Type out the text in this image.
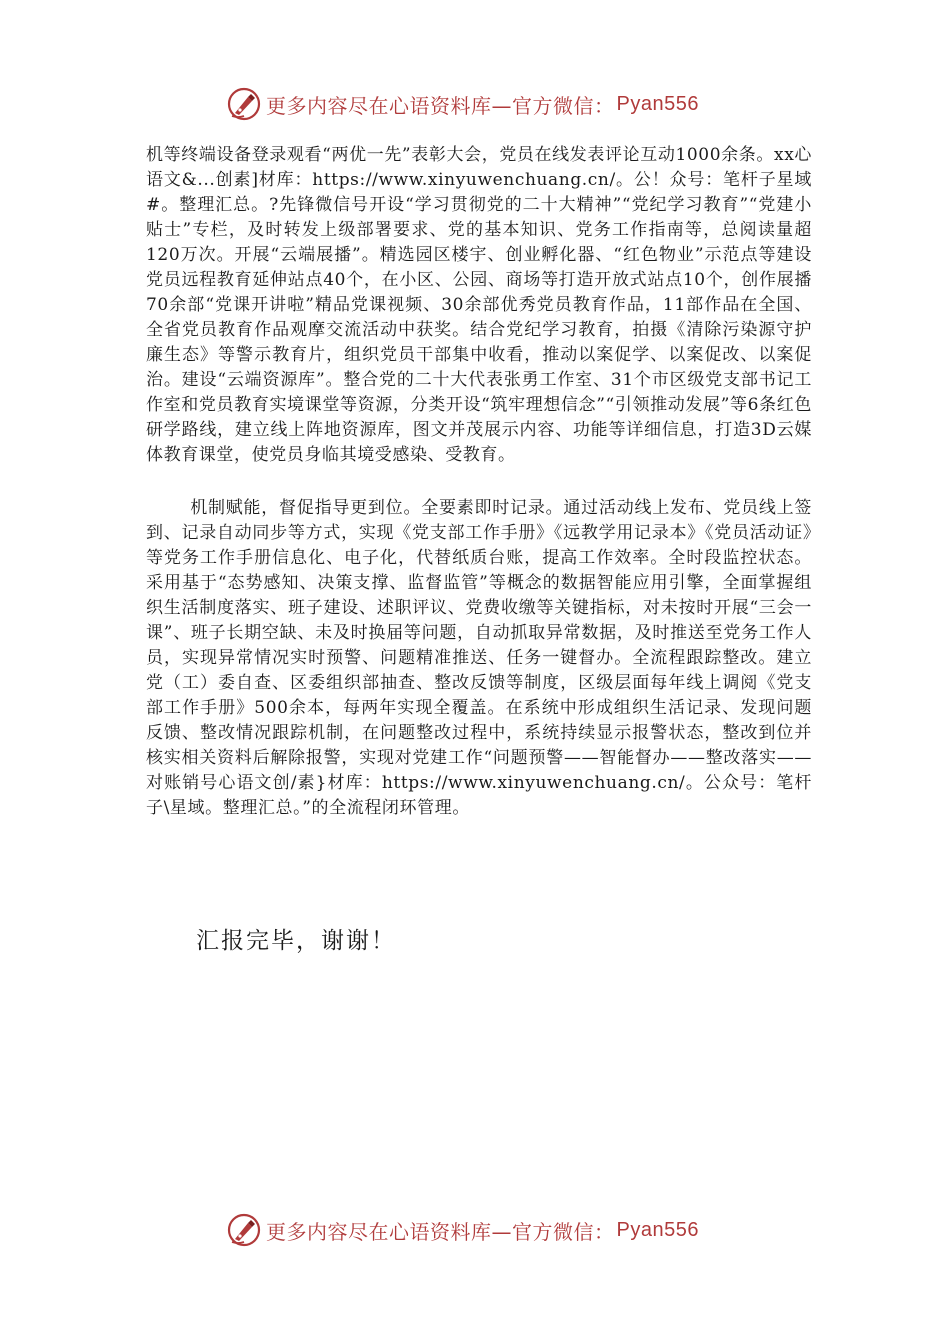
更多内容尽在心语资料库—官方微信： Pyan556

机等终端设备登录观看“两优一先”表彰大会，党员在线发表评论互动1000余条。xx心语文&...创素]材库：https://www.xinyuwenchuang.cn/。公！众号：笔杆子星域#。整理汇总。?先锋微信号开设“学习贯彻党的二十大精神”“党纪学习教育”“党建小贴士”专栏，及时转发上级部署要求、党的基本知识、党务工作指南等，总阅读量超120万次。开展“云端展播”。精选园区楼宇、创业孵化器、“红色物业”示范点等建设党员远程教育延伸站点40个，在小区、公园、商场等打造开放式站点10个，创作展播70余部“党课开讲啦”精品党课视频、30余部优秀党员教育作品，11部作品在全国、全省党员教育作品观摩交流活动中获奖。结合党纪学习教育，拍摄《清除污染源守护廉生态》等警示教育片，组织党员干部集中收看，推动以案促学、以案促改、以案促治。建设“云端资源库”。整合党的二十大代表张勇工作室、31个市区级党支部书记工作室和党员教育实境课堂等资源，分类开设“筑牢理想信念”“引领推动发展”等6条红色研学路线，建立线上阵地资源库，图文并茂展示内容、功能等详细信息，打造3D云媒体教育课堂，使党员身临其境受感染、受教育。

机制赋能，督促指导更到位。全要素即时记录。通过活动线上发布、党员线上签到、记录自动同步等方式，实现《党支部工作手册》《远教学用记录本》《党员活动证》等党务工作手册信息化、电子化，代替纸质台账，提高工作效率。全时段监控状态。采用基于“态势感知、决策支撑、监督监管”等概念的数据智能应用引擎，全面掌握组织生活制度落实、班子建设、述职评议、党费收缴等关键指标，对未按时开展“三会一课”、班子长期空缺、未及时换届等问题，自动抓取异常数据，及时推送至党务工作人员，实现异常情况实时预警、问题精准推送、任务一键督办。全流程跟踪整改。建立党（工）委自查、区委组织部抽查、整改反馈等制度，区级层面每年线上调阅《党支部工作手册》500余本，每两年实现全覆盖。在系统中形成组织生活记录、发现问题反馈、整改情况跟踪机制，在问题整改过程中，系统持续显示报警状态，整改到位并核实相关资料后解除报警，实现对党建工作“问题预警——智能督办——整改落实——对账销号心语文创/素}材库：https://www.xinyuwenchuang.cn/。公众号：笔杆子\星域。整理汇总。”的全流程闭环管理。

汇报完毕，谢谢！
更多内容尽在心语资料库—官方微信： Pyan556
